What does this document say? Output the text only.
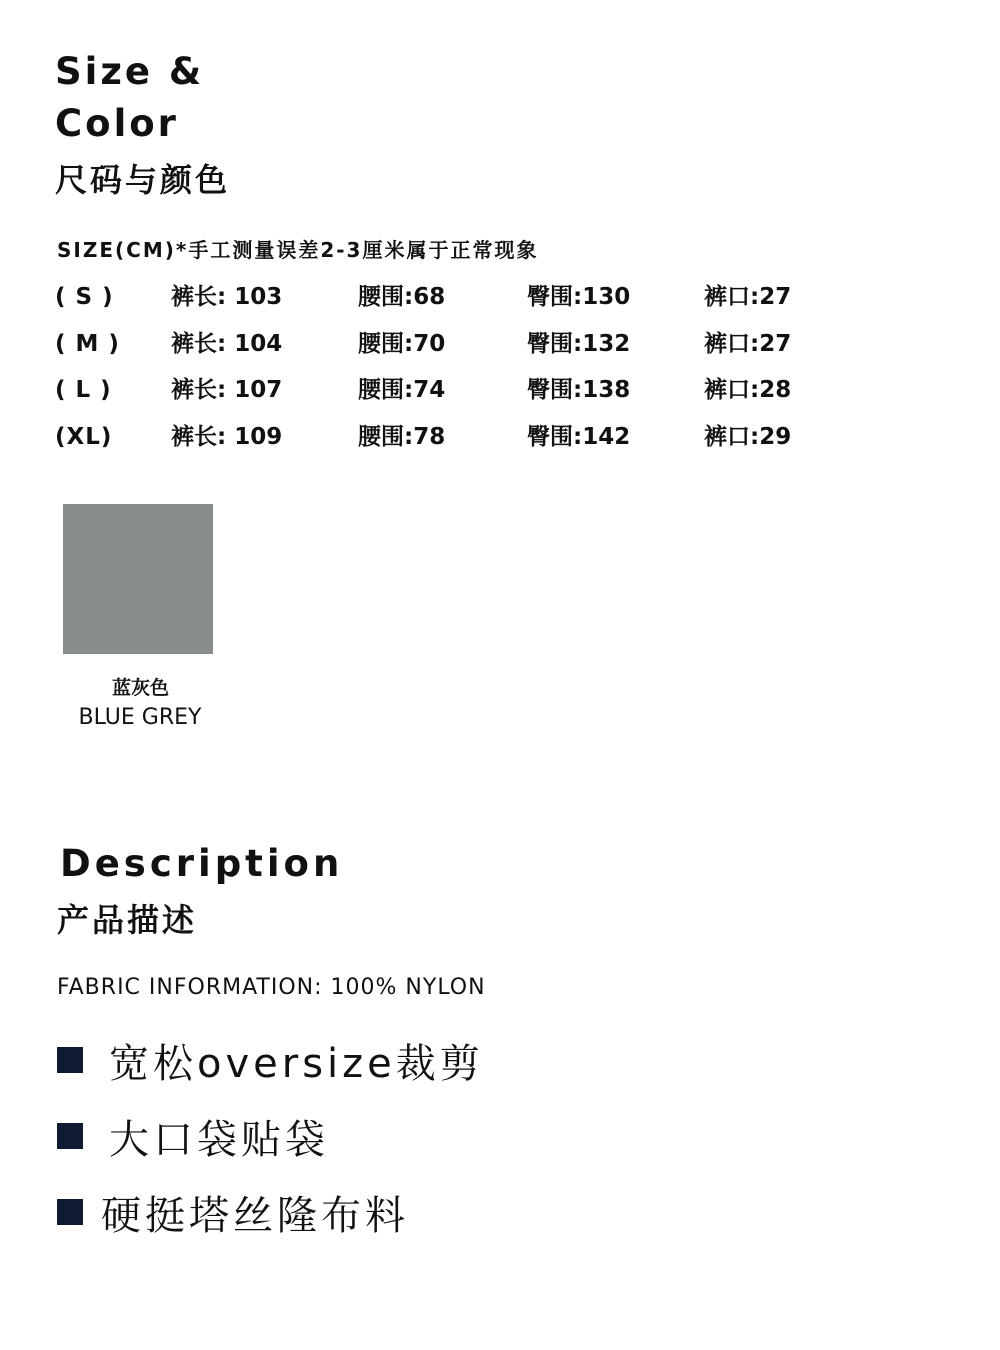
Size &
Color
尺码与颜色
SIZE(CM)*手工测量误差2-3厘米属于正常现象
( S ) 裤长: 103	腰围:68	臀围:130	裤口:27
( M ) 裤长: 104	腰围:70	臀围:132	裤口:27
( L )	裤长: 107	腰围:74	臀围:138	裤口:28
(XL)	裤长: 109	腰围:78	臀围:142	裤口:29
蓝灰色
BLUE GREY
Description
产品描述
FABRIC INFORMATION: 100% NYLON
宽松oversize裁剪
大口袋贴袋
硬挺塔丝隆布料
